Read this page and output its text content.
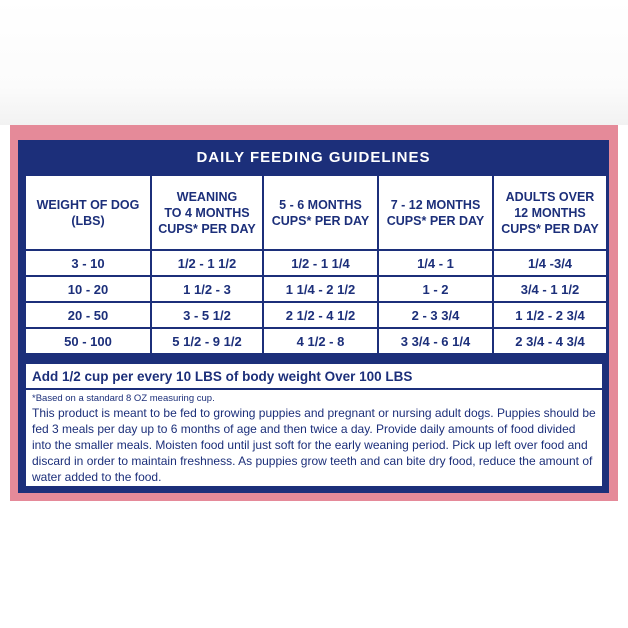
DAILY FEEDING GUIDELINES
WEIGHT OF DOG
(LBS)	WEANING
TO 4 MONTHS
CUPS* PER DAY	5 - 6 MONTHS
CUPS* PER DAY	7 - 12 MONTHS
CUPS* PER DAY	ADULTS OVER
12 MONTHS
CUPS* PER DAY
3 - 10	1/2 - 1 1/2	1/2 - 1 1/4	1/4 - 1	1/4 -3/4
10 - 20	1 1/2 - 3	1 1/4 - 2 1/2	1 - 2	3/4 - 1 1/2
20 - 50	3 - 5 1/2	2 1/2 - 4 1/2	2 - 3 3/4	1 1/2 - 2 3/4
50 - 100	5 1/2 - 9 1/2	4 1/2 - 8	3 3/4 - 6 1/4	2 3/4 - 4 3/4
Add 1/2 cup per every 10 LBS of body weight Over 100 LBS
*Based on a standard 8 OZ measuring cup.
This product is meant to be fed to growing puppies and pregnant or nursing adult dogs. Puppies should be fed 3 meals per day up to 6 months of age and then twice a day. Provide daily amounts of food divided into the smaller meals. Moisten food until just soft for the early weaning period. Pick up left over food and discard in order to maintain freshness. As puppies grow teeth and can bite dry food, reduce the amount of water added to the food.
